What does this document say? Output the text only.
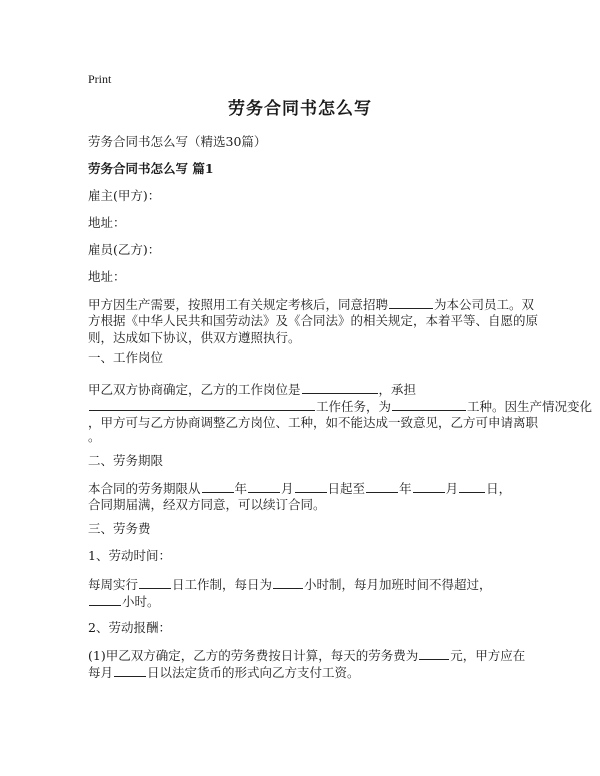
Print
劳务合同书怎么写
劳务合同书怎么写（精选30篇）
劳务合同书怎么写 篇1
雇主(甲方)：
地址：
雇员(乙方)：
地址：
甲方因生产需要，按照用工有关规定考核后，同意招聘	为本公司员工。双
方根据《中华人民共和国劳动法》及《合同法》的相关规定，本着平等、自愿的原
则，达成如下协议，供双方遵照执行。
一、工作岗位
甲乙双方协商确定，乙方的工作岗位是	，承担
工作任务，为	工种。因生产情况变化
，甲方可与乙方协商调整乙方岗位、工种，如不能达成一致意见，乙方可申请离职
。
二、劳务期限
本合同的劳务期限从	年	月	日起至	年	月 日，
合同期届满，经双方同意，可以续订合同。
三、劳务费
1、劳动时间：
每周实行	日工作制，每日为	小时制，每月加班时间不得超过，
小时。
2、劳动报酬：
(1)甲乙双方确定，乙方的劳务费按日计算，每天的劳务费为	元，甲方应在
每月	日以法定货币的形式向乙方支付工资。
